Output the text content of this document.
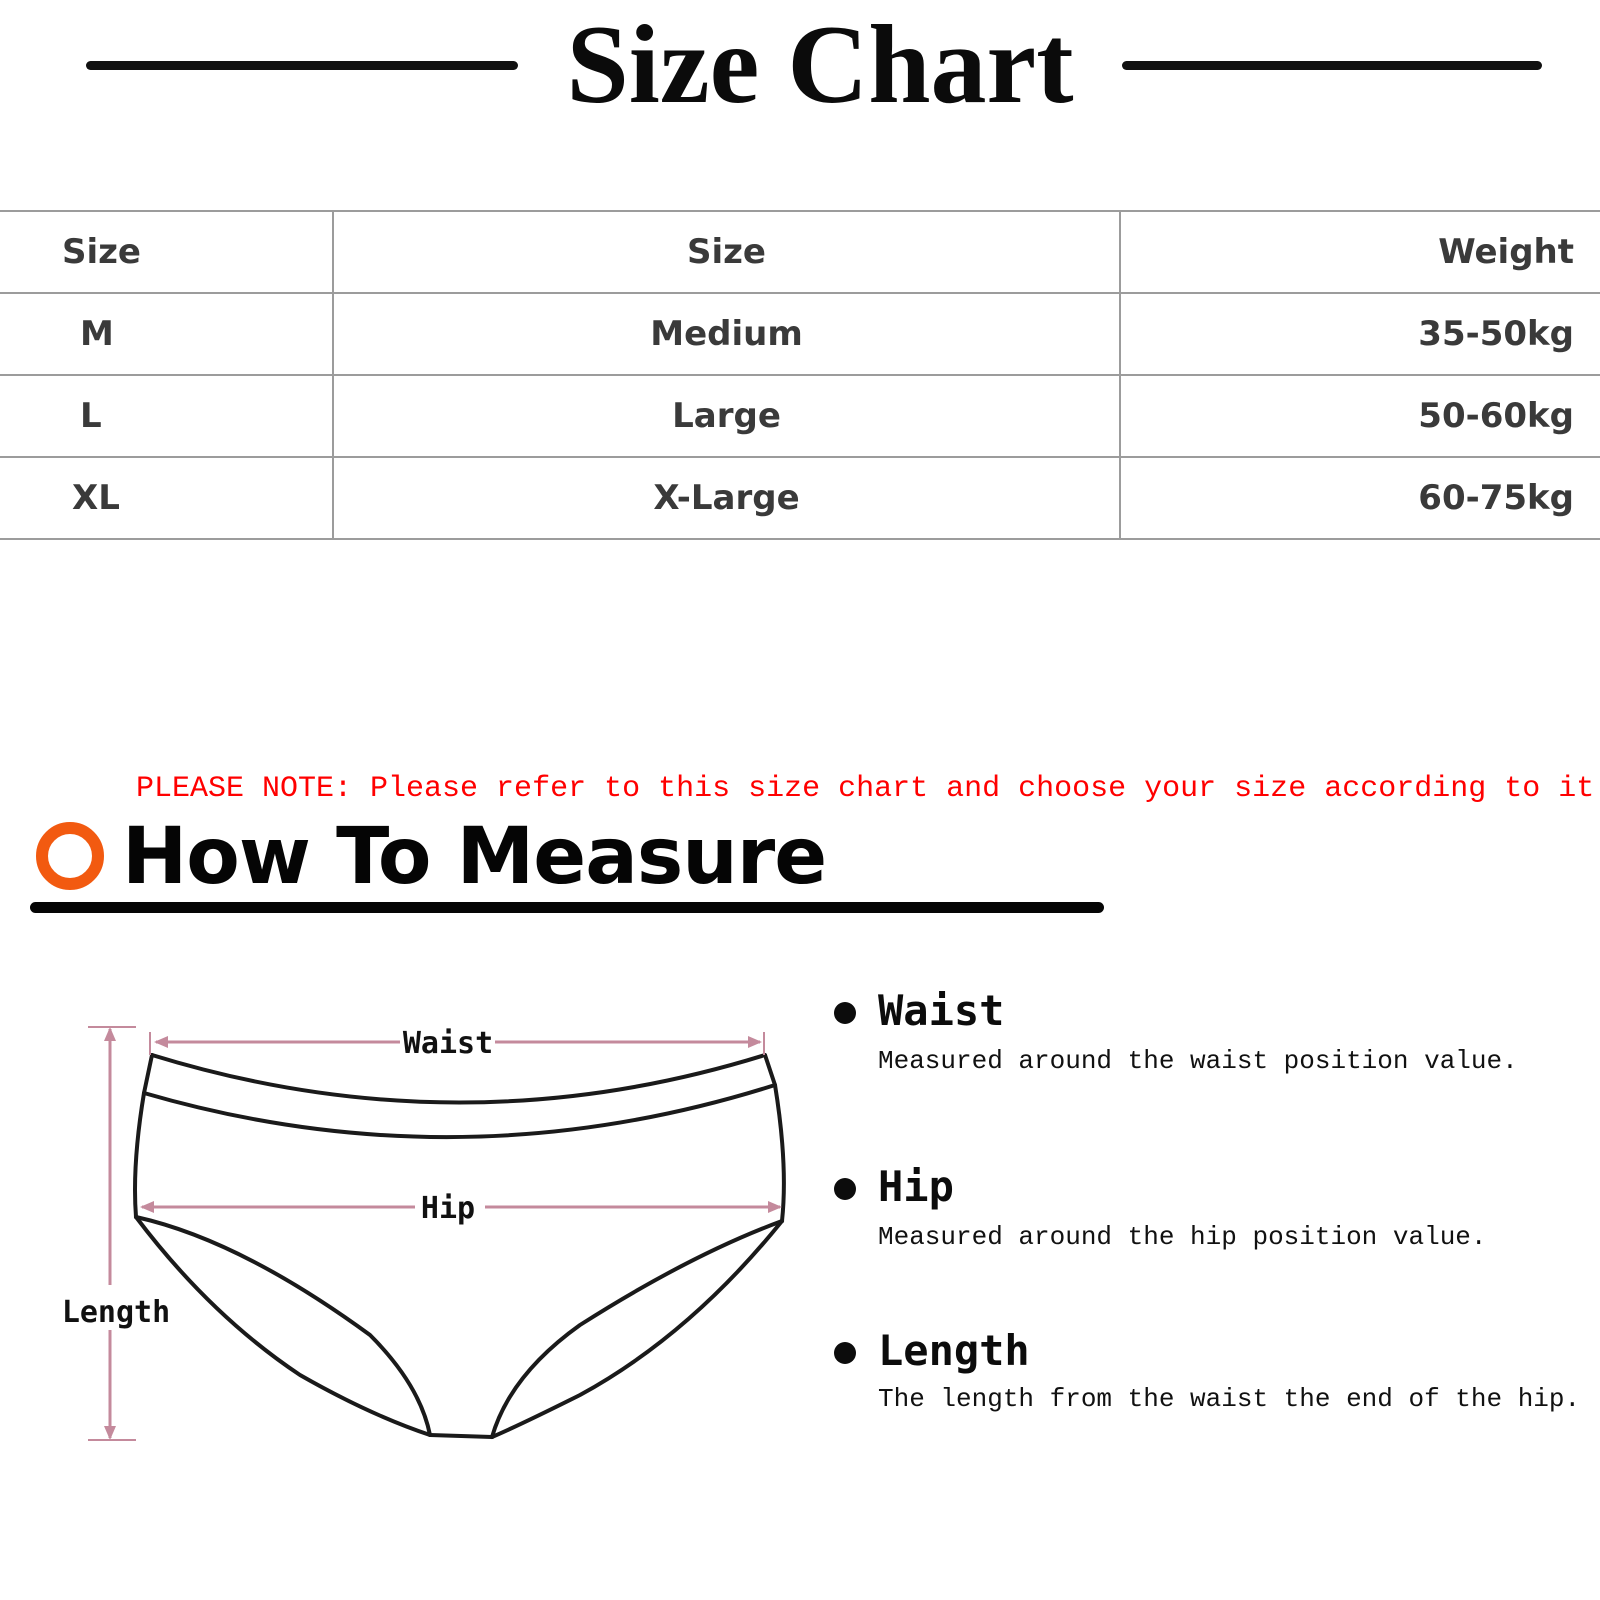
Size Chart
Size	Size	Weight
M	Medium	35-50kg
L	Large	50-60kg
XL	X-Large	60-75kg
PLEASE NOTE: Please refer to this size chart and choose your size according to it
How To Measure
Waist
Hip
Length
Waist
Measured around the waist position value.
Hip
Measured around the hip position value.
Length
The length from the waist the end of the hip.
